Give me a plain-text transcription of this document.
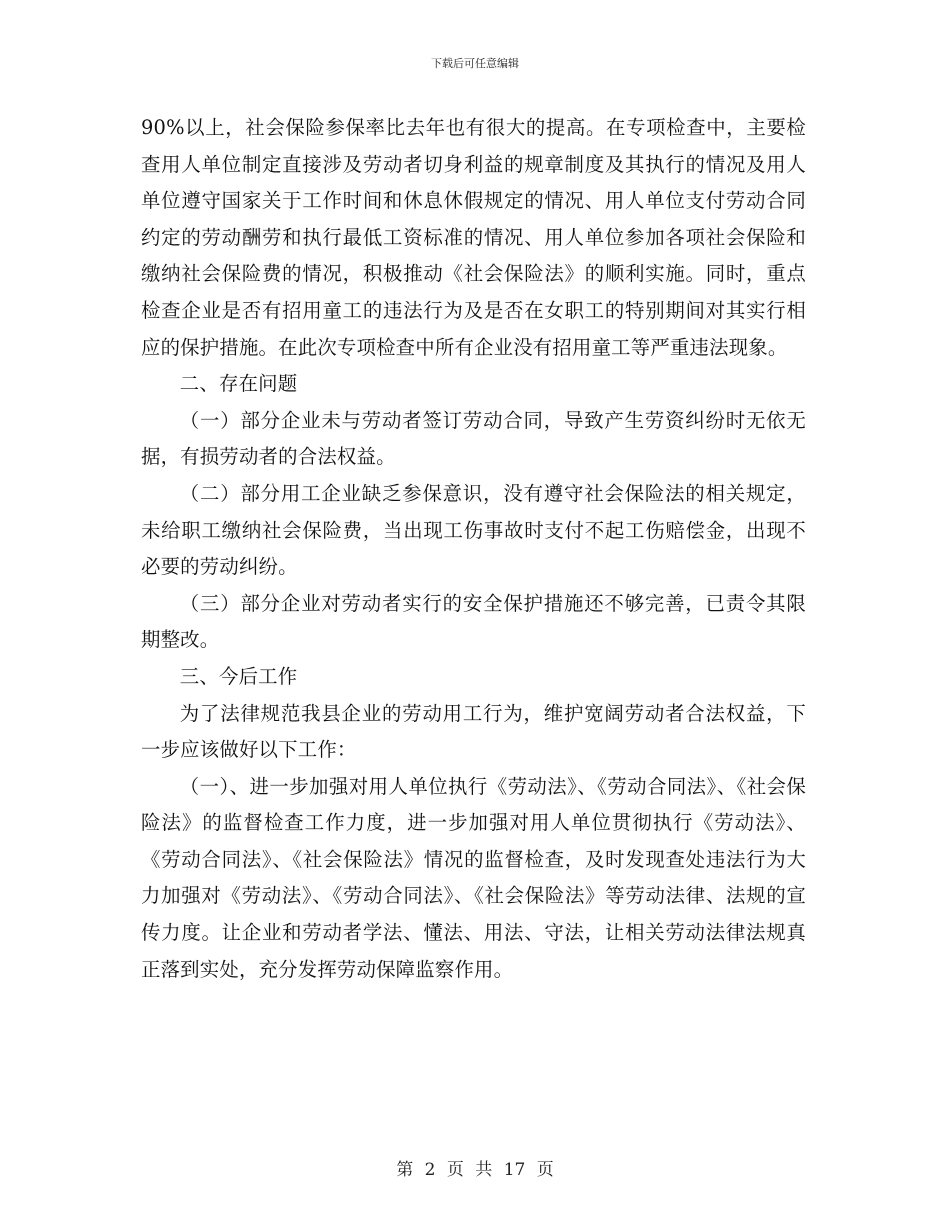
下载后可任意编辑

90%以上，社会保险参保率比去年也有很大的提高。在专项检查中，主要检查用人单位制定直接涉及劳动者切身利益的规章制度及其执行的情况及用人单位遵守国家关于工作时间和休息休假规定的情况、用人单位支付劳动合同约定的劳动酬劳和执行最低工资标准的情况、用人单位参加各项社会保险和缴纳社会保险费的情况，积极推动《社会保险法》的顺利实施。同时，重点检查企业是否有招用童工的违法行为及是否在女职工的特别期间对其实行相应的保护措施。在此次专项检查中所有企业没有招用童工等严重违法现象。

二、存在问题

（一）部分企业未与劳动者签订劳动合同，导致产生劳资纠纷时无依无据，有损劳动者的合法权益。

（二）部分用工企业缺乏参保意识，没有遵守社会保险法的相关规定，未给职工缴纳社会保险费，当出现工伤事故时支付不起工伤赔偿金，出现不必要的劳动纠纷。

（三）部分企业对劳动者实行的安全保护措施还不够完善，已责令其限期整改。

三、今后工作

为了法律规范我县企业的劳动用工行为，维护宽阔劳动者合法权益，下一步应该做好以下工作：

（一）、进一步加强对用人单位执行《劳动法》、《劳动合同法》、《社会保险法》的监督检查工作力度，进一步加强对用人单位贯彻执行《劳动法》、《劳动合同法》、《社会保险法》情况的监督检查，及时发现查处违法行为大力加强对《劳动法》、《劳动合同法》、《社会保险法》等劳动法律、法规的宣传力度。让企业和劳动者学法、懂法、用法、守法，让相关劳动法律法规真正落到实处，充分发挥劳动保障监察作用。

第 2 页 共 17 页
